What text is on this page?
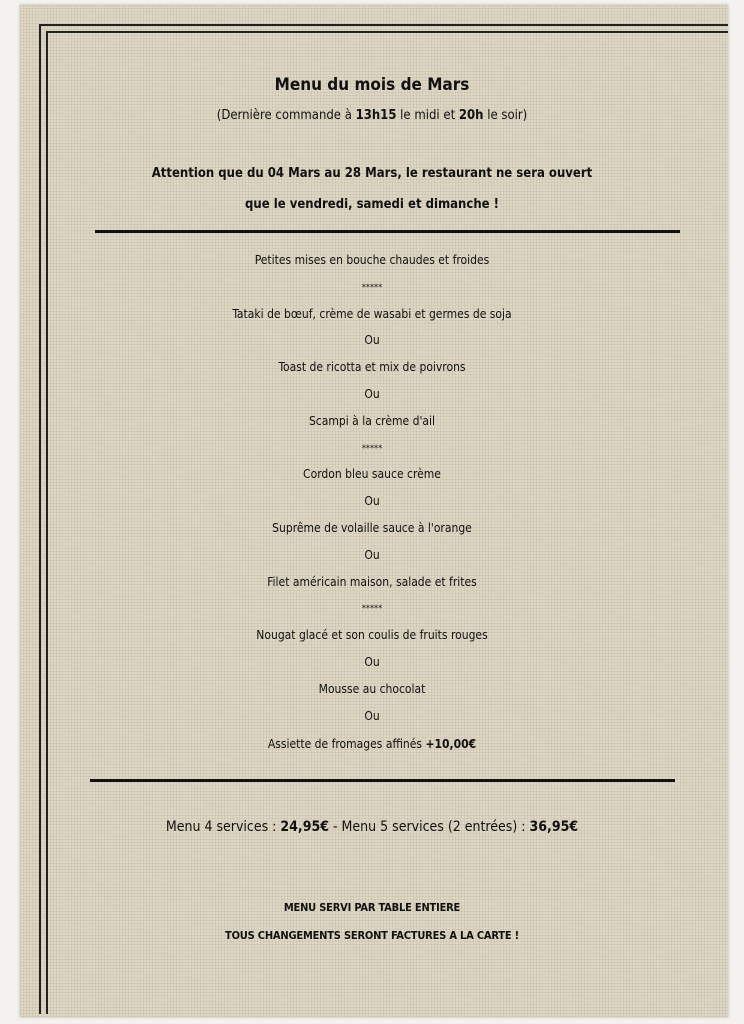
Menu du mois de Mars
(Dernière commande à 13h15 le midi et 20h le soir)
Attention que du 04 Mars au 28 Mars, le restaurant ne sera ouvert
que le vendredi, samedi et dimanche !
Petites mises en bouche chaudes et froides
*****
Tataki de bœuf, crème de wasabi et germes de soja
Ou
Toast de ricotta et mix de poivrons
Ou
Scampi à la crème d'ail
*****
Cordon bleu sauce crème
Ou
Suprême de volaille sauce à l'orange
Ou
Filet américain maison, salade et frites
*****
Nougat glacé et son coulis de fruits rouges
Ou
Mousse au chocolat
Ou
Assiette de fromages affinés +10,00€
Menu 4 services : 24,95€ - Menu 5 services (2 entrées) : 36,95€
MENU SERVI PAR TABLE ENTIERE
TOUS CHANGEMENTS SERONT FACTURES A LA CARTE !
